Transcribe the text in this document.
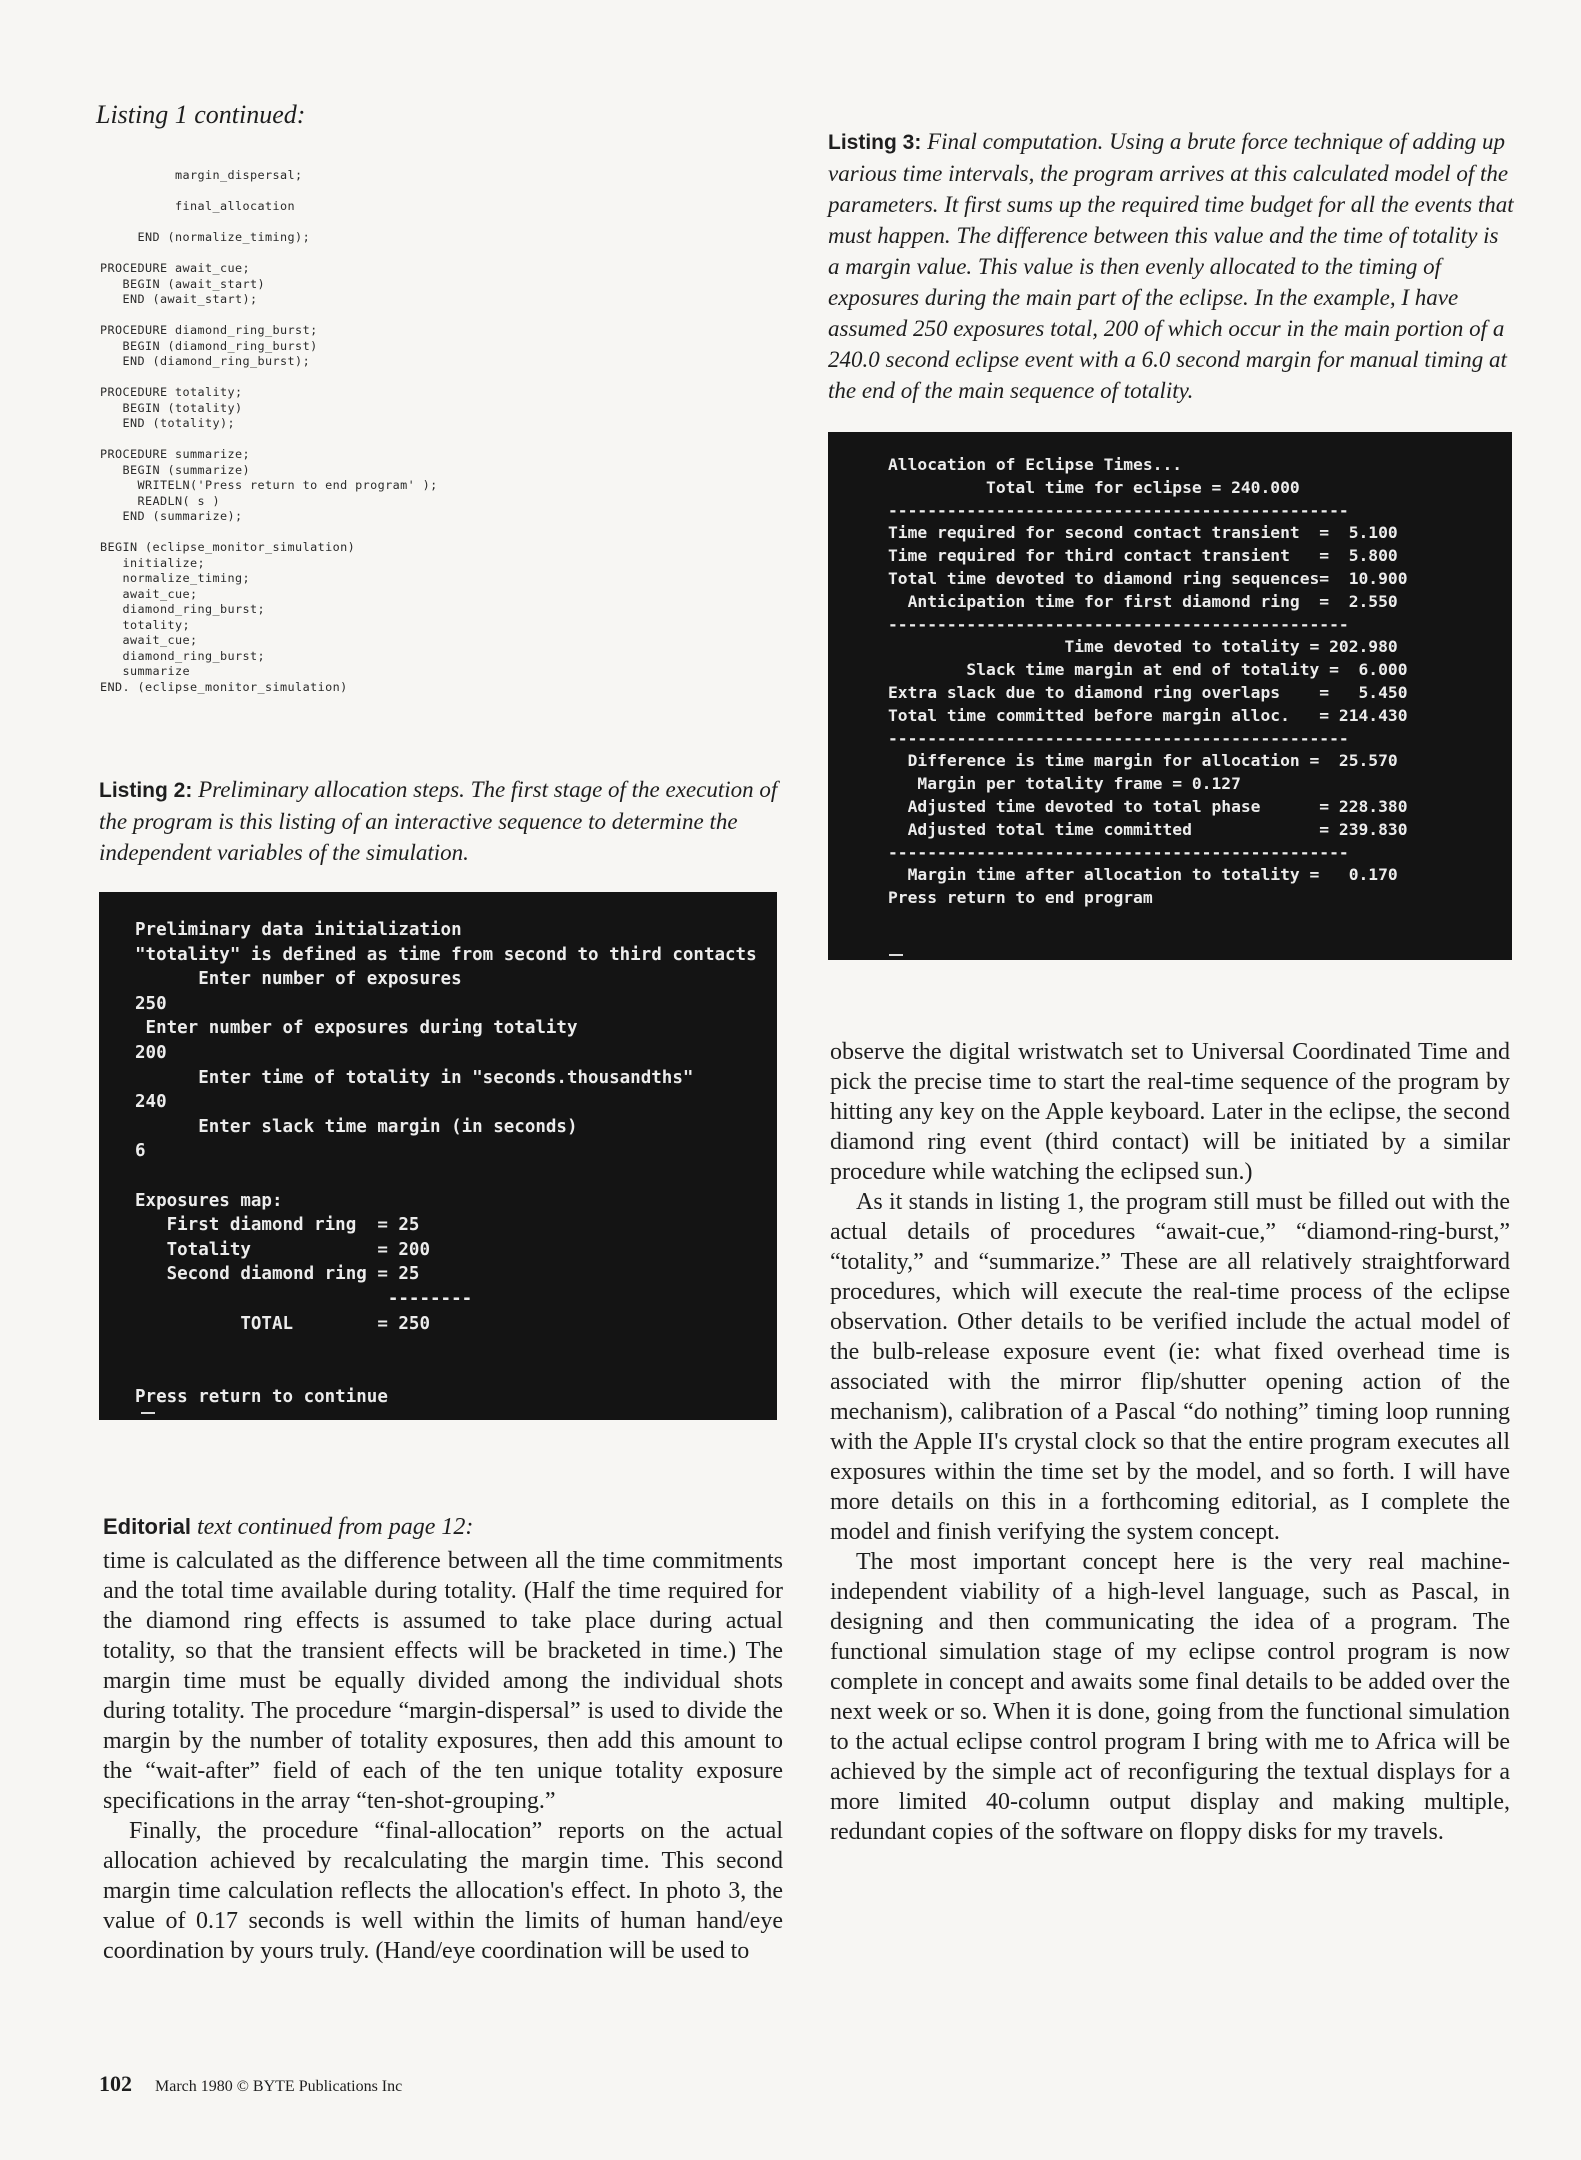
Listing 1 continued:
margin_dispersal;

final_allocation

END (normalize_timing);

PROCEDURE await_cue;
BEGIN (await_start)
END (await_start);

PROCEDURE diamond_ring_burst;
BEGIN (diamond_ring_burst)
END (diamond_ring_burst);

PROCEDURE totality;
BEGIN (totality)
END (totality);

PROCEDURE summarize;
BEGIN (summarize)
WRITELN('Press return to end program' );
READLN( s )
END (summarize);

BEGIN (eclipse_monitor_simulation)
initialize;
normalize_timing;
await_cue;
diamond_ring_burst;
totality;
await_cue;
diamond_ring_burst;
summarize
END. (eclipse_monitor_simulation)
Listing 2: Preliminary allocation steps. The first stage of the execution of the program is this listing of an interactive sequence to determine the independent variables of the simulation.
Preliminary data initialization
"totality" is defined as time from second to third contacts
Enter number of exposures
250
Enter number of exposures during totality
200
Enter time of totality in "seconds.thousandths"
240
Enter slack time margin (in seconds)
6

Exposures map:
First diamond ring  = 25
Totality            = 200
Second diamond ring = 25
--------
TOTAL        = 250

Press return to continue
Listing 3: Final computation. Using a brute force technique of adding up various time intervals, the program arrives at this calculated model of the parameters. It first sums up the required time budget for all the events that must happen. The difference between this value and the time of totality is a margin value. This value is then evenly allocated to the timing of exposures during the main part of the eclipse. In the example, I have assumed 250 exposures total, 200 of which occur in the main portion of a 240.0 second eclipse event with a 6.0 second margin for manual timing at the end of the main sequence of totality.
Allocation of Eclipse Times...
Total time for eclipse = 240.000
-----------------------------------------------
Time required for second contact transient  =  5.100
Time required for third contact transient   =  5.800
Total time devoted to diamond ring sequences=  10.900
Anticipation time for first diamond ring  =  2.550
-----------------------------------------------
Time devoted to totality = 202.980
Slack time margin at end of totality =  6.000
Extra slack due to diamond ring overlaps    =   5.450
Total time committed before margin alloc.   = 214.430
-----------------------------------------------
Difference is time margin for allocation =  25.570
Margin per totality frame = 0.127
Adjusted time devoted to total phase      = 228.380
Adjusted total time committed             = 239.830
-----------------------------------------------
Margin time after allocation to totality =   0.170
Press return to end program
Editorial text continued from page 12:

time is calculated as the difference between all the time commitments and the total time available during totality. (Half the time required for the diamond ring effects is assumed to take place during actual totality, so that the transient effects will be bracketed in time.) The margin time must be equally divided among the individual shots during totality. The procedure “margin-dispersal” is used to divide the margin by the number of totality exposures, then add this amount to the “wait-after” field of each of the ten unique totality exposure specifications in the array “ten-shot-grouping.”

Finally, the procedure “final-allocation” reports on the actual allocation achieved by recalculating the margin time. This second margin time calculation reflects the allocation's effect. In photo 3, the value of 0.17 seconds is well within the limits of human hand/eye coordination by yours truly. (Hand/eye coordination will be used to

observe the digital wristwatch set to Universal Coordinated Time and pick the precise time to start the real-time sequence of the program by hitting any key on the Apple keyboard. Later in the eclipse, the second diamond ring event (third contact) will be initiated by a similar procedure while watching the eclipsed sun.)

As it stands in listing 1, the program still must be filled out with the actual details of procedures “await-cue,” “diamond-ring-burst,” “totality,” and “summarize.” These are all relatively straightforward procedures, which will execute the real-time process of the eclipse observation. Other details to be verified include the actual model of the bulb-release exposure event (ie: what fixed overhead time is associated with the mirror flip/shutter opening action of the mechanism), calibration of a Pascal “do nothing” timing loop running with the Apple II's crystal clock so that the entire program executes all exposures within the time set by the model, and so forth. I will have more details on this in a forthcoming editorial, as I complete the model and finish verifying the system concept.

The most important concept here is the very real machine-independent viability of a high-level language, such as Pascal, in designing and then communicating the idea of a program. The functional simulation stage of my eclipse control program is now complete in concept and awaits some final details to be added over the next week or so. When it is done, going from the functional simulation to the actual eclipse control program I bring with me to Africa will be achieved by the simple act of reconfiguring the textual displays for a more limited 40-column output display and making multiple, redundant copies of the software on floppy disks for my travels.

102 March 1980 © BYTE Publications Inc
